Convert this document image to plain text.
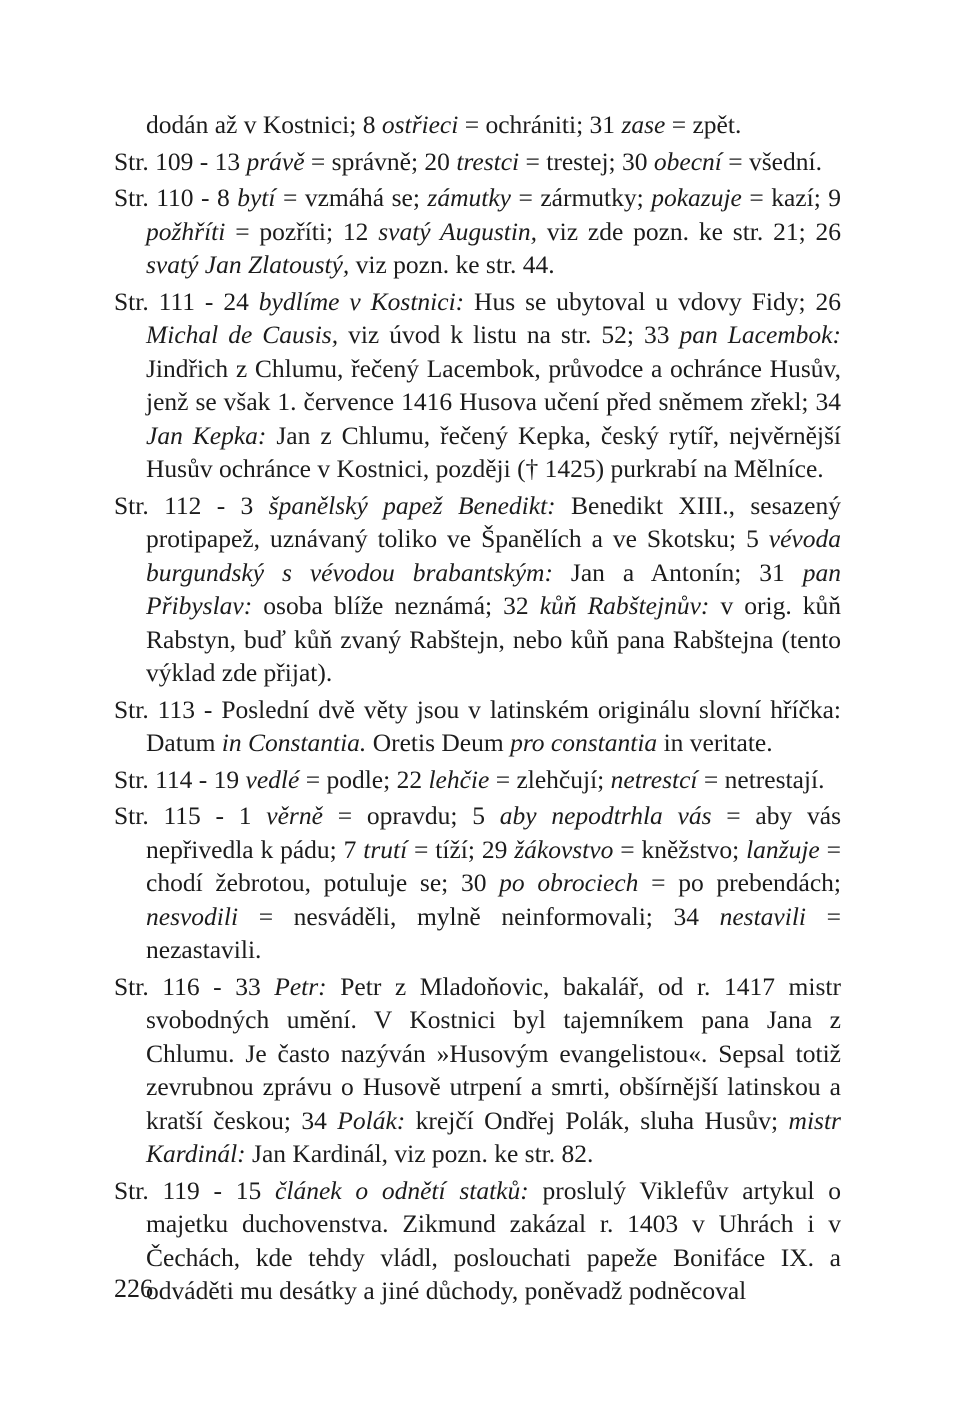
dodán až v Kostnici; 8 ostřieci = ochrániti; 31 zase = zpět.

Str. 109 - 13 právě = správně; 20 trestci = trestej; 30 obecní = všední.

Str. 110 - 8 bytí = vzmáhá se; zámutky = zármutky; pokazuje = kazí; 9 požhříti = pozříti; 12 svatý Augustin, viz zde pozn. ke str. 21; 26 svatý Jan Zlatoustý, viz pozn. ke str. 44.

Str. 111 - 24 bydlíme v Kostnici: Hus se ubytoval u vdovy Fidy; 26 Michal de Causis, viz úvod k listu na str. 52; 33 pan Lacembok: Jindřich z Chlumu, řečený Lacembok, průvodce a ochránce Husův, jenž se však 1. července 1416 Husova učení před sněmem zřekl; 34 Jan Kepka: Jan z Chlumu, řečený Kepka, český rytíř, nejvěrnější Husův ochránce v Kostnici, později († 1425) purkrabí na Mělníce.

Str. 112 - 3 španělský papež Benedikt: Benedikt XIII., sesazený protipapež, uznávaný toliko ve Španělích a ve Skotsku; 5 vévoda burgundský s vévodou brabantským: Jan a Antonín; 31 pan Přibyslav: osoba blíže neznámá; 32 kůň Rabštejnův: v orig. kůň Rabstyn, buď kůň zvaný Rabštejn, nebo kůň pana Rabštejna (tento výklad zde přijat).

Str. 113 - Poslední dvě věty jsou v latinském originálu slovní hříčka: Datum in Constantia. Oretis Deum pro constantia in veritate.

Str. 114 - 19 vedlé = podle; 22 lehčie = zlehčují; netrestcí = netrestají.

Str. 115 - 1 věrně = opravdu; 5 aby nepodtrhla vás = aby vás nepřivedla k pádu; 7 trutí = tíží; 29 žákovstvo = kněžstvo; lanžuje = chodí žebrotou, potuluje se; 30 po obrociech = po prebendách; nesvodili = nesváděli, mylně neinformovali; 34 nestavili = nezastavili.

Str. 116 - 33 Petr: Petr z Mladoňovic, bakalář, od r. 1417 mistr svobodných umění. V Kostnici byl tajemníkem pana Jana z Chlumu. Je často nazýván »Husovým evangelistou«. Sepsal totiž zevrubnou zprávu o Husově utrpení a smrti, obšírnější latinskou a kratší českou; 34 Polák: krejčí Ondřej Polák, sluha Husův; mistr Kardinál: Jan Kardinál, viz pozn. ke str. 82.

Str. 119 - 15 článek o odnětí statků: proslulý Viklefův artykul o majetku duchovenstva. Zikmund zakázal r. 1403 v Uhrách i v Čechách, kde tehdy vládl, poslouchati papeže Bonifáce IX. a odváděti mu desátky a jiné důchody, poněvadž podněcoval

226
